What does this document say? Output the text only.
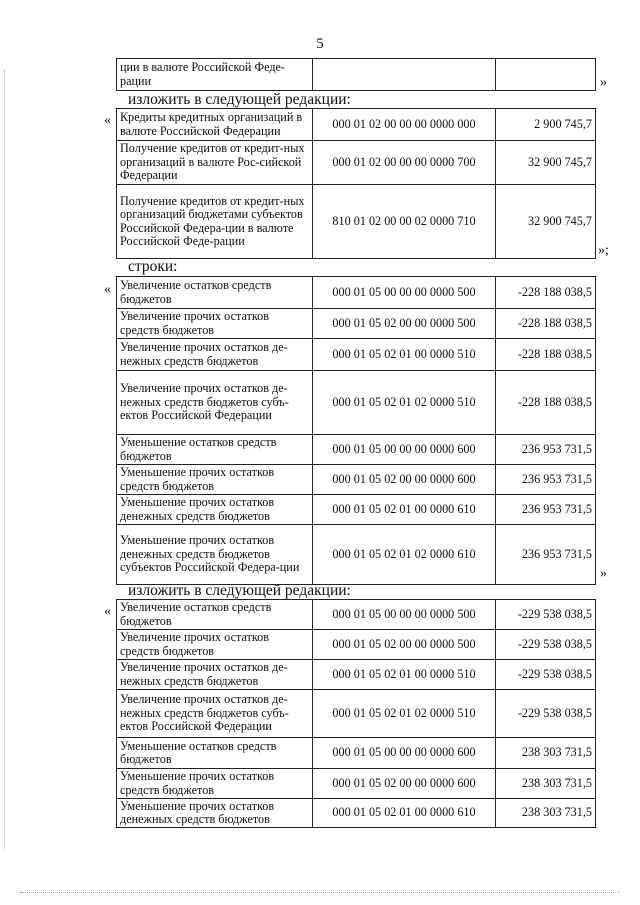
5
ции в валюте Российской Феде-рации			»
изложить в следующей редакции:
« Кредиты кредитных организаций в валюте Российской Федерации	000 01 02 00 00 00 0000 000	2 900 745,7
Получение кредитов от кредит-ных организаций в валюте Рос-сийской Федерации	000 01 02 00 00 00 0000 700	32 900 745,7
Получение кредитов от кредит-ных организаций бюджетами субъектов Российской Федера-ции в валюте Российской Феде-рации	810 01 02 00 00 02 0000 710	32 900 745,7
»;
строки:
« Увеличение остатков средств бюджетов	000 01 05 00 00 00 0000 500	-228 188 038,5
Увеличение прочих остатков средств бюджетов	000 01 05 02 00 00 0000 500	-228 188 038,5
Увеличение прочих остатков де-нежных средств бюджетов	000 01 05 02 01 00 0000 510	-228 188 038,5
Увеличение прочих остатков де-нежных средств бюджетов субъ-ектов Российской Федерации	000 01 05 02 01 02 0000 510	-228 188 038,5
Уменьшение остатков средств бюджетов	000 01 05 00 00 00 0000 600	236 953 731,5
Уменьшение прочих остатков средств бюджетов	000 01 05 02 00 00 0000 600	236 953 731,5
Уменьшение прочих остатков денежных средств бюджетов	000 01 05 02 01 00 0000 610	236 953 731,5
Уменьшение прочих остатков денежных средств бюджетов субъектов Российской Федера-ции	000 01 05 02 01 02 0000 610	236 953 731,5
»
изложить в следующей редакции:
« Увеличение остатков средств бюджетов	000 01 05 00 00 00 0000 500	-229 538 038,5
Увеличение прочих остатков средств бюджетов	000 01 05 02 00 00 0000 500	-229 538 038,5
Увеличение прочих остатков де-нежных средств бюджетов	000 01 05 02 01 00 0000 510	-229 538 038,5
Увеличение прочих остатков де-нежных средств бюджетов субъ-ектов Российской Федерации	000 01 05 02 01 02 0000 510	-229 538 038,5
Уменьшение остатков средств бюджетов	000 01 05 00 00 00 0000 600	238 303 731,5
Уменьшение прочих остатков средств бюджетов	000 01 05 02 00 00 0000 600	238 303 731,5
Уменьшение прочих остатков денежных средств бюджетов	000 01 05 02 01 00 0000 610	238 303 731,5
